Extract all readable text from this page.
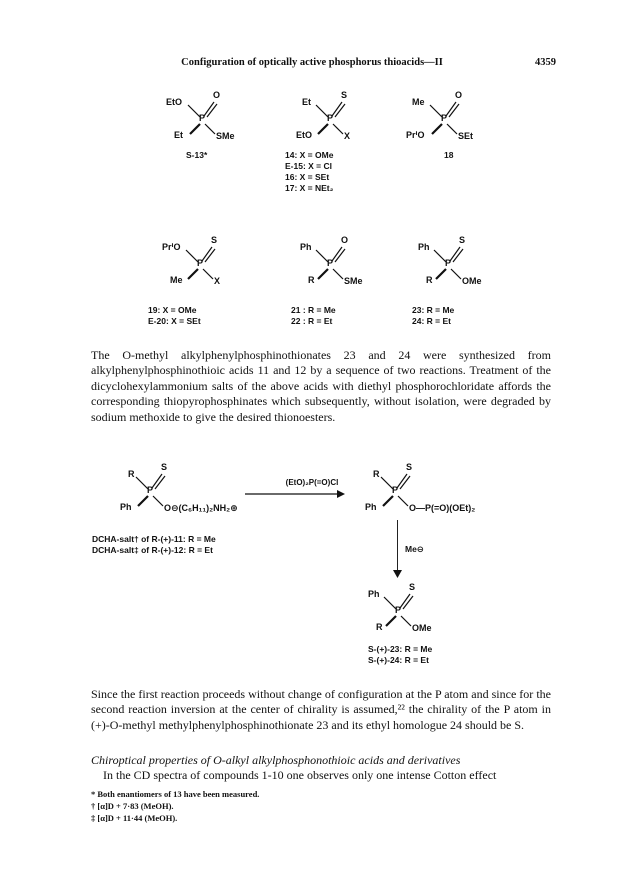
Configuration of optically active phosphorus thioacids—II	4359
P
EtO
O
Et	SMe
S-13*
P
Et
S
EtO	X
14: X = OMe
E-15: X = Cl
16: X = SEt
17: X = NEt₂
P
Me
O
PrⁱO	SEt
18
P
PrⁱO
S
Me	X
19: X = OMe
E-20: X = SEt
P
Ph
O
R	SMe
21 : R = Me
22 : R = Et
Ph
P
S
R	OMe
23: R = Me
24: R = Et
The O-methyl alkylphenylphosphinothionates 23 and 24 were synthesized from alkylphenylphosphinothioic acids 11 and 12 by a sequence of two reactions. Treatment of the dicyclohexylammonium salts of the above acids with diethyl phosphorochloridate affords the corresponding thiopyrophosphinates which subsequently, without isolation, were degraded by sodium methoxide to give the desired thionoesters.
P
R
S
Ph	O⊖(C₆H₁₁)₂NH₂⊕
(EtO)₂P(=O)Cl
DCHA-salt† of R-(+)-11: R = Me
DCHA-salt‡ of R-(+)-12: R = Et
P
R
S
Ph	O—P(=O)(OEt)₂
Me⊖
P
Ph
S
R	OMe
S-(+)-23: R = Me
S-(+)-24: R = Et
Since the first reaction proceeds without change of configuration at the P atom and since for the second reaction inversion at the center of chirality is assumed,²² the chirality of the P atom in (+)-O-methyl methylphenylphosphinothionate 23 and its ethyl homologue 24 should be S.
Chiroptical properties of O-alkyl alkylphosphonothioic acids and derivatives
In the CD spectra of compounds 1-10 one observes only one intense Cotton effect
* Both enantiomers of 13 have been measured.
† [α]D + 7·83 (MeOH).
‡ [α]D + 11·44 (MeOH).
